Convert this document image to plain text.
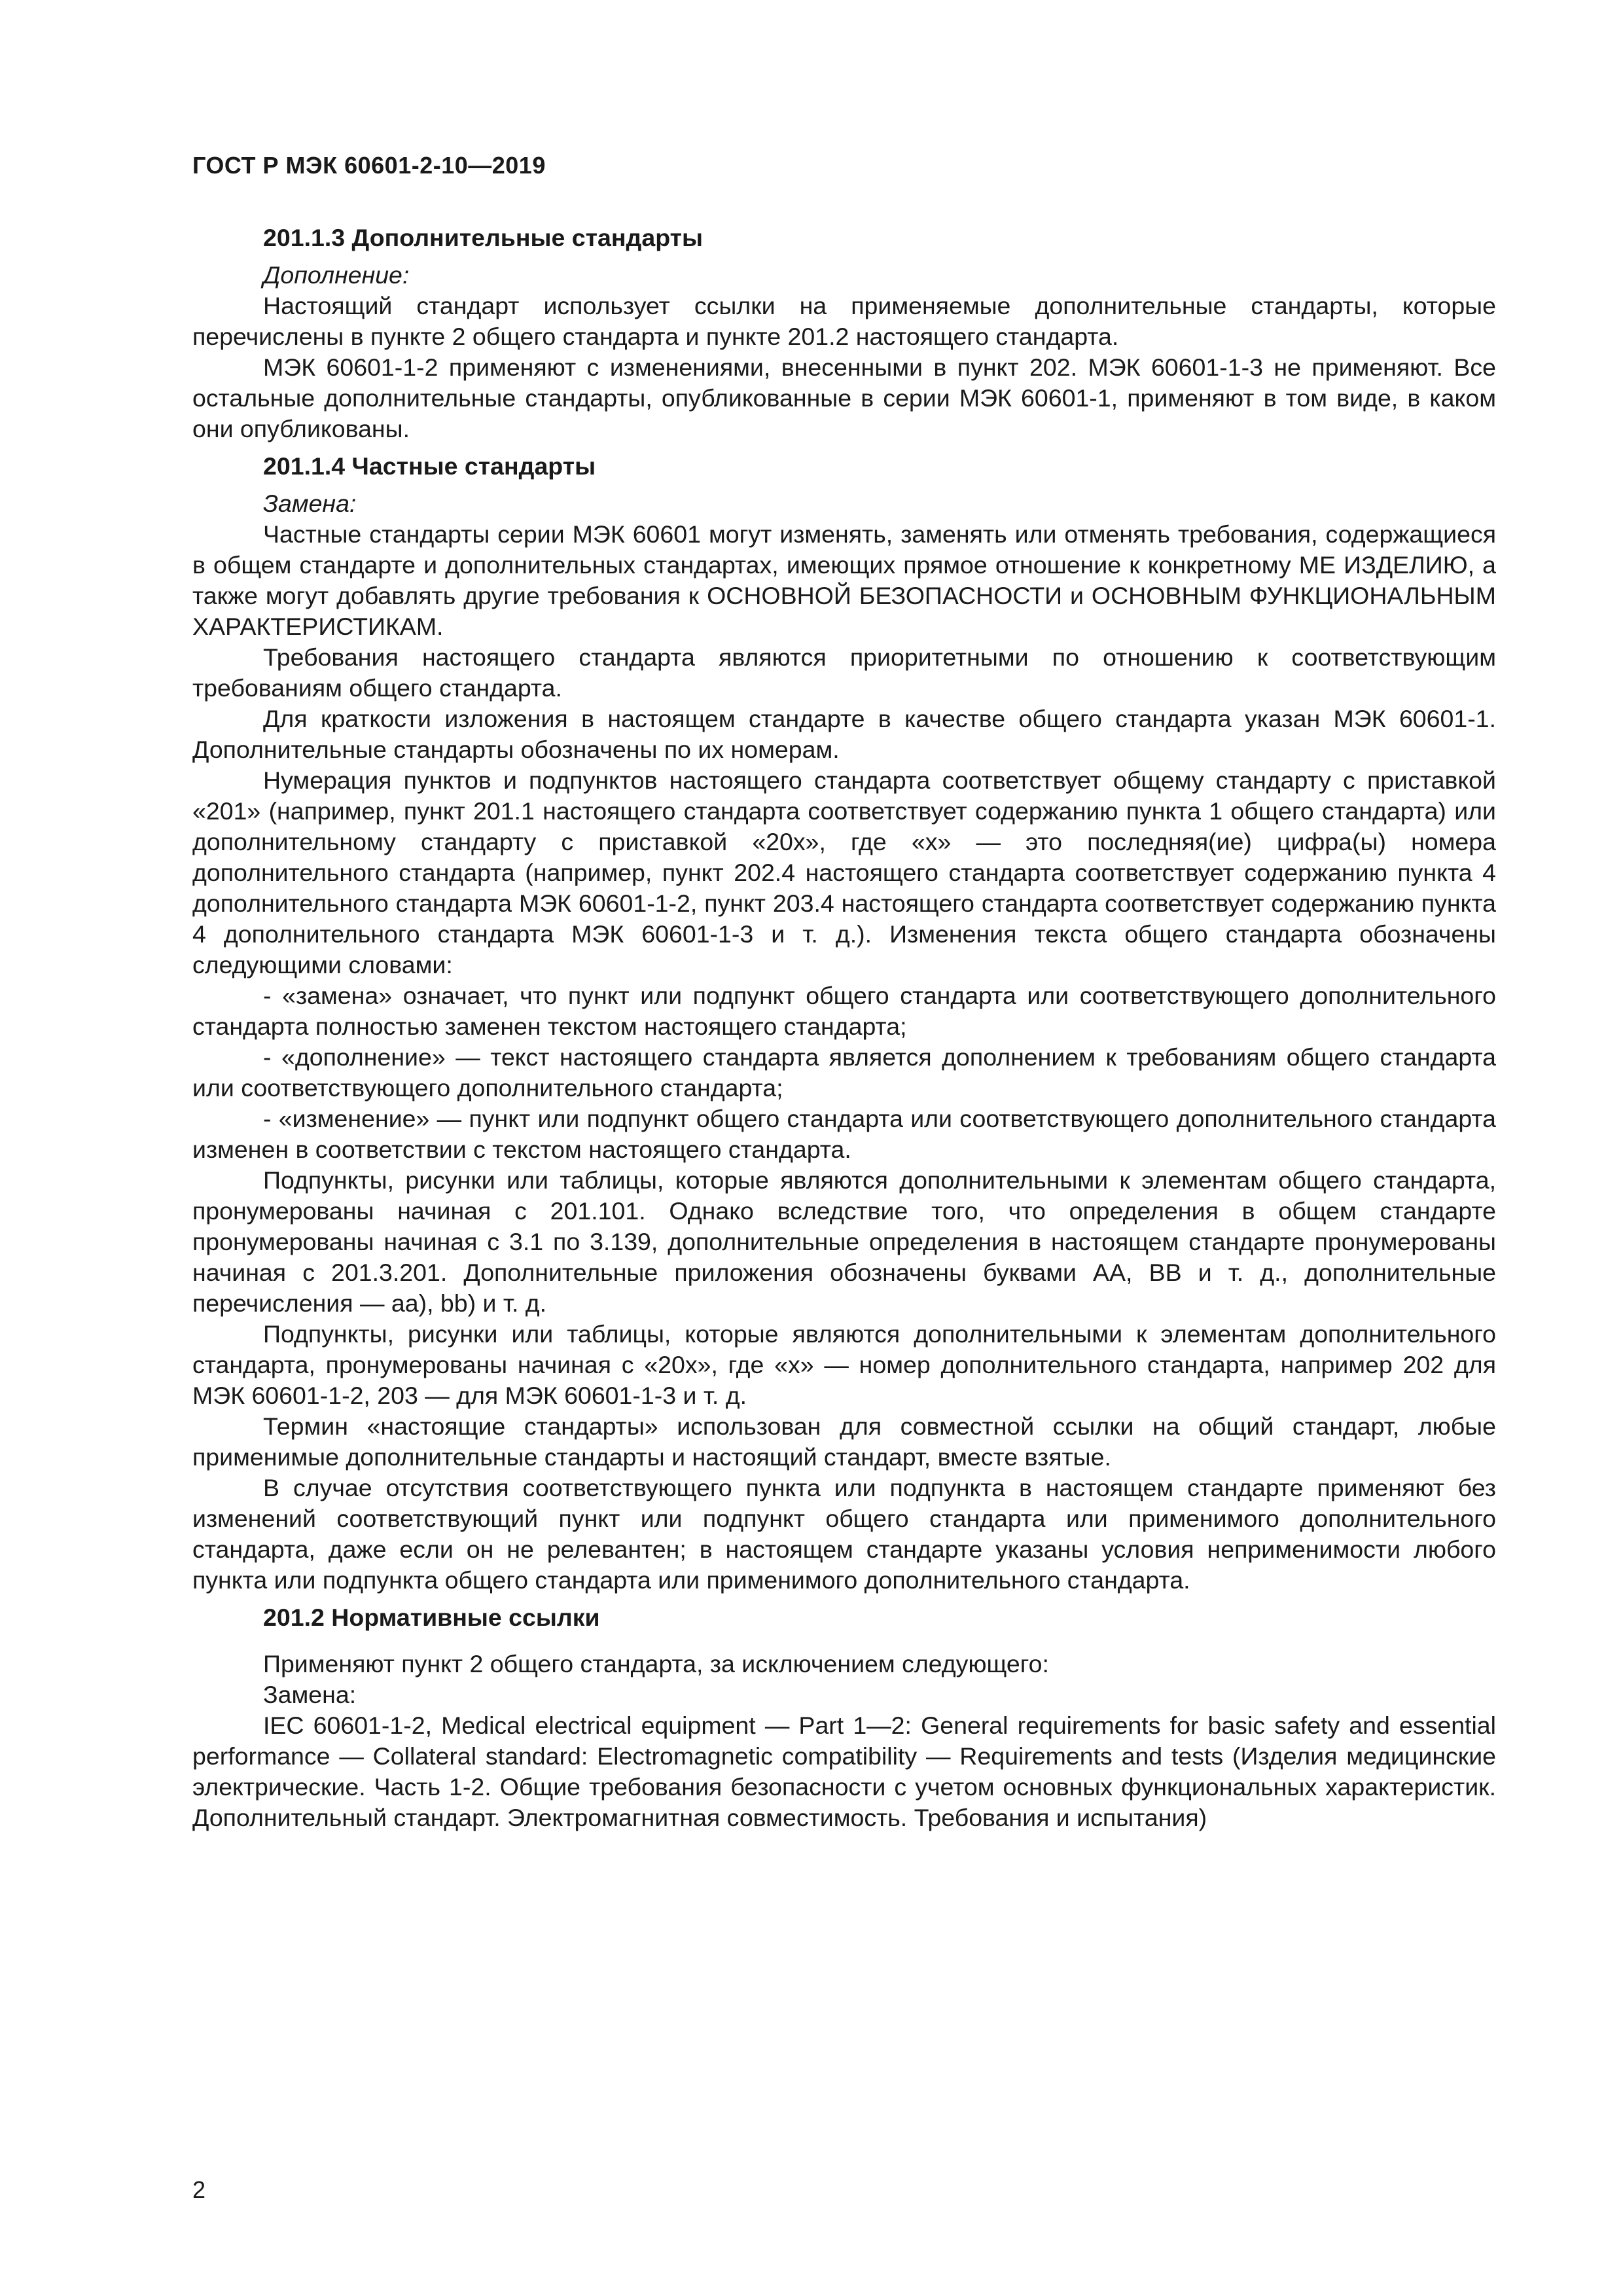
ГОСТ Р МЭК 60601-2-10—2019
201.1.3 Дополнительные стандарты

Дополнение:

Настоящий стандарт использует ссылки на применяемые дополнительные стандарты, которые перечислены в пункте 2 общего стандарта и пункте 201.2 настоящего стандарта.

МЭК 60601-1-2 применяют с изменениями, внесенными в пункт 202. МЭК 60601-1-3 не применяют. Все остальные дополнительные стандарты, опубликованные в серии МЭК 60601-1, применяют в том виде, в каком они опубликованы.

201.1.4 Частные стандарты

Замена:

Частные стандарты серии МЭК 60601 могут изменять, заменять или отменять требования, содержащиеся в общем стандарте и дополнительных стандартах, имеющих прямое отношение к конкретному МЕ ИЗДЕЛИЮ, а также могут добавлять другие требования к ОСНОВНОЙ БЕЗОПАСНОСТИ и ОСНОВНЫМ ФУНКЦИОНАЛЬНЫМ ХАРАКТЕРИСТИКАМ.

Требования настоящего стандарта являются приоритетными по отношению к соответствующим требованиям общего стандарта.

Для краткости изложения в настоящем стандарте в качестве общего стандарта указан МЭК 60601-1. Дополнительные стандарты обозначены по их номерам.

Нумерация пунктов и подпунктов настоящего стандарта соответствует общему стандарту с приставкой «201» (например, пункт 201.1 настоящего стандарта соответствует содержанию пункта 1 общего стандарта) или дополнительному стандарту с приставкой «20х», где «х» — это последняя(ие) цифра(ы) номера дополнительного стандарта (например, пункт 202.4 настоящего стандарта соответствует содержанию пункта 4 дополнительного стандарта МЭК 60601-1-2, пункт 203.4 настоящего стандарта соответствует содержанию пункта 4 дополнительного стандарта МЭК 60601-1-3 и т. д.). Изменения текста общего стандарта обозначены следующими словами:

- «замена» означает, что пункт или подпункт общего стандарта или соответствующего дополнительного стандарта полностью заменен текстом настоящего стандарта;

- «дополнение» — текст настоящего стандарта является дополнением к требованиям общего стандарта или соответствующего дополнительного стандарта;

- «изменение» — пункт или подпункт общего стандарта или соответствующего дополнительного стандарта изменен в соответствии с текстом настоящего стандарта.

Подпункты, рисунки или таблицы, которые являются дополнительными к элементам общего стандарта, пронумерованы начиная с 201.101. Однако вследствие того, что определения в общем стандарте пронумерованы начиная с 3.1 по 3.139, дополнительные определения в настоящем стандарте пронумерованы начиная с 201.3.201. Дополнительные приложения обозначены буквами АА, ВВ и т. д., дополнительные перечисления — аа), bb) и т. д.

Подпункты, рисунки или таблицы, которые являются дополнительными к элементам дополнительного стандарта, пронумерованы начиная с «20х», где «х» — номер дополнительного стандарта, например 202 для МЭК 60601-1-2, 203 — для МЭК 60601-1-3 и т. д.

Термин «настоящие стандарты» использован для совместной ссылки на общий стандарт, любые применимые дополнительные стандарты и настоящий стандарт, вместе взятые.

В случае отсутствия соответствующего пункта или подпункта в настоящем стандарте применяют без изменений соответствующий пункт или подпункт общего стандарта или применимого дополнительного стандарта, даже если он не релевантен; в настоящем стандарте указаны условия неприменимости любого пункта или подпункта общего стандарта или применимого дополнительного стандарта.

201.2 Нормативные ссылки

Применяют пункт 2 общего стандарта, за исключением следующего:

Замена:

IEC 60601-1-2, Medical electrical equipment — Part 1—2: General requirements for basic safety and essential performance — Collateral standard: Electromagnetic compatibility — Requirements and tests (Изделия медицинские электрические. Часть 1-2. Общие требования безопасности с учетом основных функциональных характеристик. Дополнительный стандарт. Электромагнитная совместимость. Требования и испытания)

2
